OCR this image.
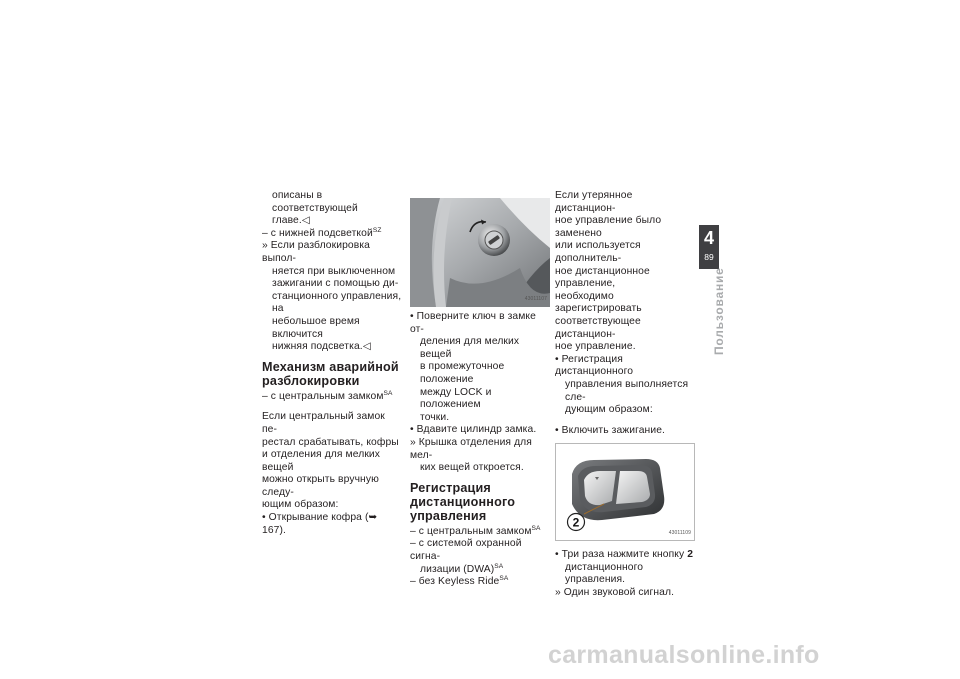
описаны в соответствующей
главе.◁
– с нижней подсветкой$^{SZ}$
» Если разблокировка выпол-
няется при выключенном
зажигании с помощью ди-
станционного управления, на
небольшое время включится
нижняя подсветка.◁
Механизм аварийной
разблокировки
– с центральным замком$^{SA}$
Если центральный замок пе-
рестал срабатывать, кофры
и отделения для мелких вещей
можно открыть вручную следу-
ющим образом:
• Открывание кофра (➥ 167).
43011107
• Поверните ключ в замке от-
деления для мелких вещей
в промежуточное положение
между LOCK и положением
точки.
• Вдавите цилиндр замка.
» Крышка отделения для мел-
ких вещей откроется.
Регистрация
дистанционного
управления
– с центральным замком$^{SA}$
– с системой охранной сигна-
лизации (DWA)$^{SA}$
– без Keyless Ride$^{SA}$
Если утерянное дистанцион-
ное управление было заменено
или используется дополнитель-
ное дистанционное управление,
необходимо зарегистрировать
соответствующее дистанцион-
ное управление.
• Регистрация дистанционного
управления выполняется сле-
дующим образом:
• Включить зажигание.
2
43011109
• Три раза нажмите кнопку 2
дистанционного управления.
» Один звуковой сигнал.
4
89
Пользование
carmanualsonline.info
